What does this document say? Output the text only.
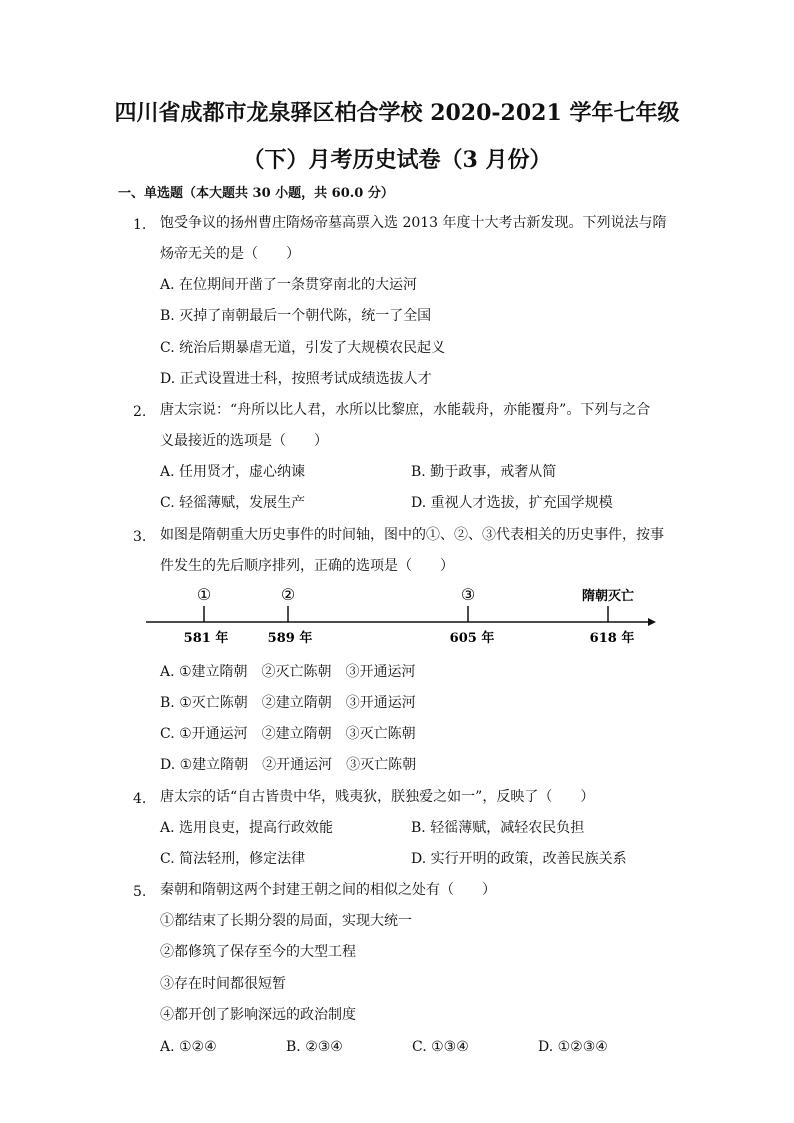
四川省成都市龙泉驿区柏合学校 2020-2021 学年七年级
（下）月考历史试卷（3 月份）
一、单选题（本大题共 30 小题，共 60.0 分）
1. 饱受争议的扬州曹庄隋炀帝墓高票入选 2013 年度十大考古新发现。下列说法与隋
炀帝无关的是（　　）
A. 在位期间开凿了一条贯穿南北的大运河
B. 灭掉了南朝最后一个朝代陈，统一了全国
C. 统治后期暴虐无道，引发了大规模农民起义
D. 正式设置进士科，按照考试成绩选拔人才
2. 唐太宗说：“舟所以比人君，水所以比黎庶，水能载舟，亦能覆舟”。下列与之合
义最接近的选项是（　　）
A. 任用贤才，虚心纳谏	B. 勤于政事，戒奢从简
C. 轻徭薄赋，发展生产	D. 重视人才选拔，扩充国学规模
3. 如图是隋朝重大历史事件的时间轴，图中的①、②、③代表相关的历史事件，按事
件发生的先后顺序排列，正确的选项是（　　）
①	②	③	隋朝灭亡
581 年	589 年	605 年	618 年
A. ①建立隋朝　②灭亡陈朝　③开通运河
B. ①灭亡陈朝　②建立隋朝　③开通运河
C. ①开通运河　②建立隋朝　③灭亡陈朝
D. ①建立隋朝　②开通运河　③灭亡陈朝
4. 唐太宗的话“自古皆贵中华，贱夷狄，朕独爱之如一”，反映了（　　）
A. 选用良吏，提高行政效能	B. 轻徭薄赋，减轻农民负担
C. 简法轻刑，修定法律	D. 实行开明的政策，改善民族关系
5. 秦朝和隋朝这两个封建王朝之间的相似之处有（　　）
①都结束了长期分裂的局面，实现大统一
②都修筑了保存至今的大型工程
③存在时间都很短暂
④都开创了影响深远的政治制度
A. ①②④	B. ②③④	C. ①③④	D. ①②③④
